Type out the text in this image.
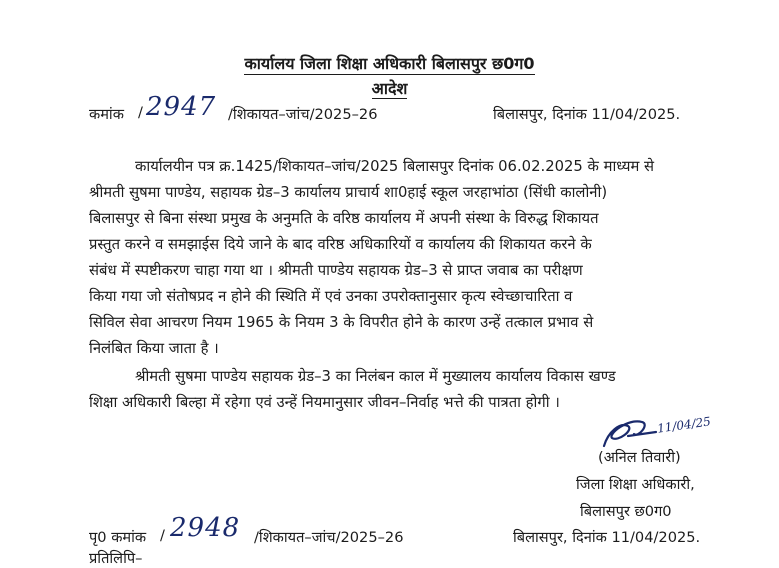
कार्यालय जिला शिक्षा अधिकारी बिलासपुर छ0ग0
आदेश
कमांक / 2947 /शिकायत–जांच/2025–26	बिलासपुर, दिनांक 11/04/2025.
कार्यालयीन पत्र क्र.1425/शिकायत–जांच/2025 बिलासपुर दिनांक 06.02.2025 के माध्यम से
श्रीमती सुषमा पाण्डेय, सहायक ग्रेड–3 कार्यालय प्राचार्य शा0हाई स्कूल जरहाभांठा (सिंधी कालोनी)
बिलासपुर से बिना संस्था प्रमुख के अनुमति के वरिष्ठ कार्यालय में अपनी संस्था के विरुद्ध शिकायत
प्रस्तुत करने व समझाईस दिये जाने के बाद वरिष्ठ अधिकारियों व कार्यालय की शिकायत करने के
संबंध में स्पष्टीकरण चाहा गया था । श्रीमती पाण्डेय सहायक ग्रेड–3 से प्राप्त जवाब का परीक्षण
किया गया जो संतोषप्रद न होने की स्थिति में एवं उनका उपरोक्तानुसार कृत्य स्वेच्छाचारिता व
सिविल सेवा आचरण नियम 1965 के नियम 3 के विपरीत होने के कारण उन्हें तत्काल प्रभाव से
निलंबित किया जाता है ।
श्रीमती सुषमा पाण्डेय सहायक ग्रेड–3 का निलंबन काल में मुख्यालय कार्यालय विकास खण्ड
शिक्षा अधिकारी बिल्हा में रहेगा एवं उन्हें नियमानुसार जीवन–निर्वाह भत्ते की पात्रता होगी ।
11/04/25
(अनिल तिवारी)
जिला शिक्षा अधिकारी,
बिलासपुर छ0ग0
पृ0 कमांक / 2948 /शिकायत–जांच/2025–26	बिलासपुर, दिनांक 11/04/2025.
प्रतिलिपि–
